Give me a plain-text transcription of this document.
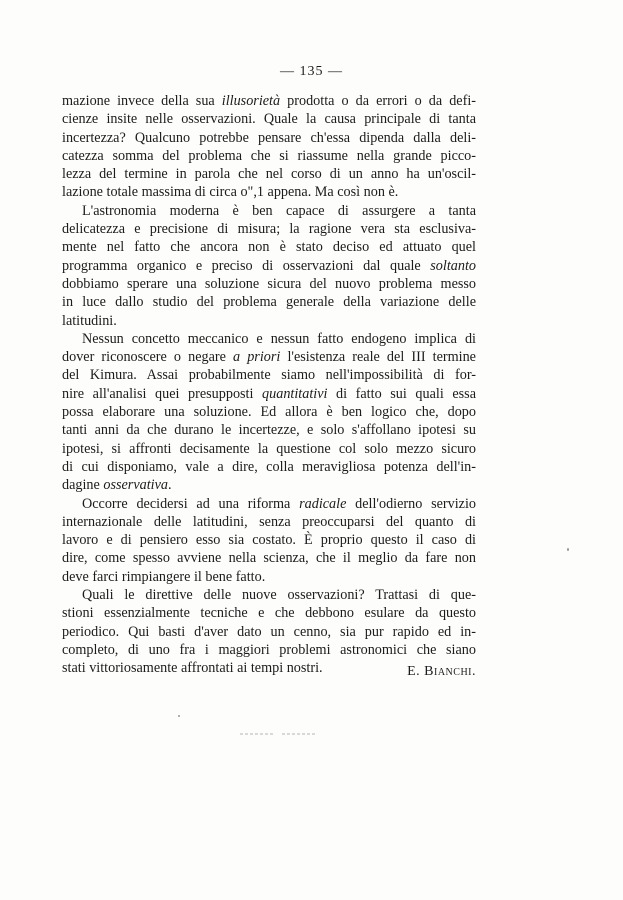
— 135 —

mazione invece della sua illusorietà prodotta o da errori o da defi-
cienze insite nelle osservazioni. Quale la causa principale di tanta
incertezza? Qualcuno potrebbe pensare ch'essa dipenda dalla deli-
catezza somma del problema che si riassume nella grande picco-
lezza del termine in parola che nel corso di un anno ha un'oscil-
lazione totale massima di circa o",1 appena. Ma così non è.

L'astronomia moderna è ben capace di assurgere a tanta
delicatezza e precisione di misura; la ragione vera sta esclusiva-
mente nel fatto che ancora non è stato deciso ed attuato quel
programma organico e preciso di osservazioni dal quale soltanto
dobbiamo sperare una soluzione sicura del nuovo problema messo
in luce dallo studio del problema generale della variazione delle
latitudini.

Nessun concetto meccanico e nessun fatto endogeno implica di
dover riconoscere o negare a priori l'esistenza reale del III termine
del Kimura. Assai probabilmente siamo nell'impossibilità di for-
nire all'analisi quei presupposti quantitativi di fatto sui quali essa
possa elaborare una soluzione. Ed allora è ben logico che, dopo
tanti anni da che durano le incertezze, e solo s'affollano ipotesi su
ipotesi, si affronti decisamente la questione col solo mezzo sicuro
di cui disponiamo, vale a dire, colla meravigliosa potenza dell'in-
dagine osservativa.

Occorre decidersi ad una riforma radicale dell'odierno servizio
internazionale delle latitudini, senza preoccuparsi del quanto di
lavoro e di pensiero esso sia costato. È proprio questo il caso di
dire, come spesso avviene nella scienza, che il meglio da fare non
deve farci rimpiangere il bene fatto.

Quali le direttive delle nuove osservazioni? Trattasi di que-
stioni essenzialmente tecniche e che debbono esulare da questo
periodico. Qui basti d'aver dato un cenno, sia pur rapido ed in-
completo, di uno fra i maggiori problemi astronomici che siano
stati vittoriosamente affrontati ai tempi nostri.	E. Bianchi.
